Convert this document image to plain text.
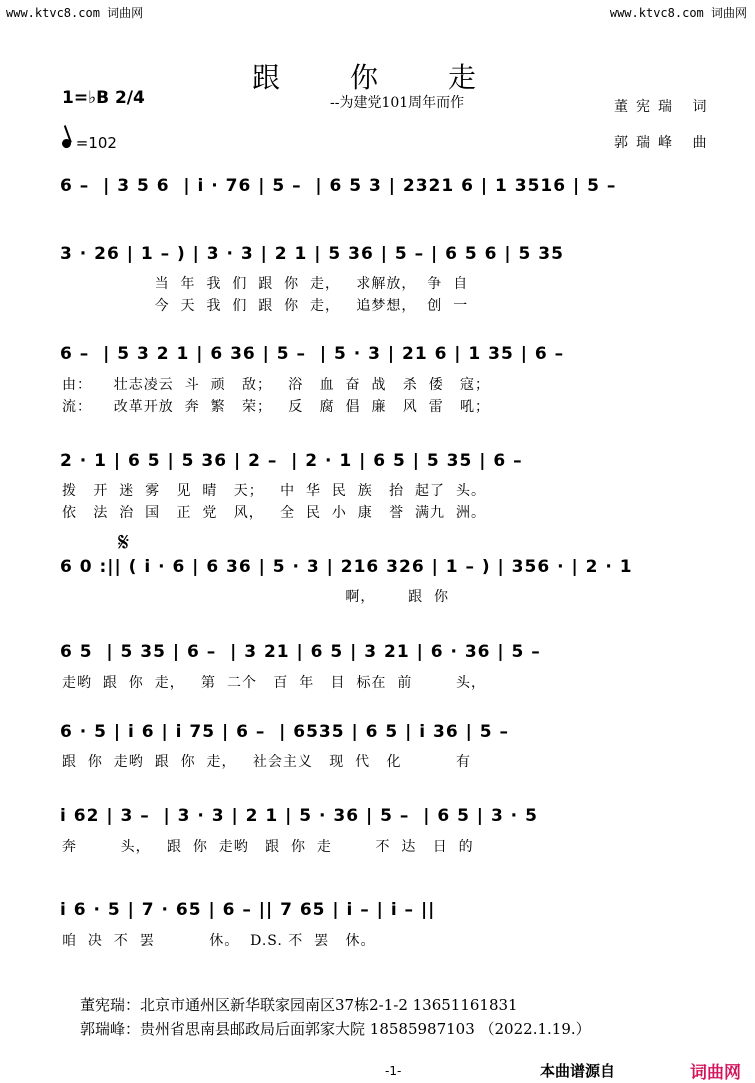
www.ktvc8.com 词曲网	www.ktvc8.com 词曲网
跟你走
--为建党101周年而作	董宪瑞 词
郭瑞峰 曲
1=♭B 2/4
=102
6 –  | 3 5 6  | i · 76 | 5 –  | 6 5 3 | 2321 6 | 1 3516 | 5 –
3 · 26 | 1 – ) | 3 · 3 | 2 1 | 5 36 | 5 – | 6 5 6 | 5 35
当  年  我  们  跟  你  走，   求解放，  争  自
今  天  我  们  跟  你  走，   追梦想，  创  一
6 –  | 5 3 2 1 | 6 36 | 5 –  | 5 · 3 | 21 6 | 1 35 | 6 –
由：    壮志凌云  斗  顽   敌；   浴   血  奋  战   杀  倭   寇；
流：    改革开放  奔  繁   荣；   反   腐  倡  廉   风  雷   吼；
2 · 1 | 6 5 | 5 36 | 2 –  | 2 · 1 | 6 5 | 5 35 | 6 –
拨   开  迷  雾   见  晴   天；   中  华  民  族   抬  起了  头。
依   法  治  国   正  党   风，   全  民  小  康   誉  满九  洲。
𝄋
6 0 :|| ( i · 6 | 6 36 | 5 · 3 | 216 326 | 1 – ) | 356 · | 2 · 1
啊，      跟  你
6 5  | 5 35 | 6 –  | 3 21 | 6 5 | 3 21 | 6 · 36 | 5 –
走哟  跟  你  走，   第  二个   百  年   目  标在  前        头，
6 · 5 | i 6 | i 75 | 6 –  | 6535 | 6 5 | i 36 | 5 –
跟  你  走哟  跟  你  走，   社会主义   现  代   化          有
i 62 | 3 –  | 3 · 3 | 2 1 | 5 · 36 | 5 –  | 6 5 | 3 · 5
奔        头，   跟  你  走哟   跟  你  走        不  达   日  的
i 6 · 5 | 7 · 65 | 6 – || 7 65 | i – | i – ||
咱  决  不  罢          休。  D.S. 不  罢   休。
董宪瑞：北京市通州区新华联家园南区37栋2-1-2 13651161831
郭瑞峰：贵州省思南县邮政局后面郭家大院 18585987103 （2022.1.19.）
-1-	本曲谱源自	词曲网
